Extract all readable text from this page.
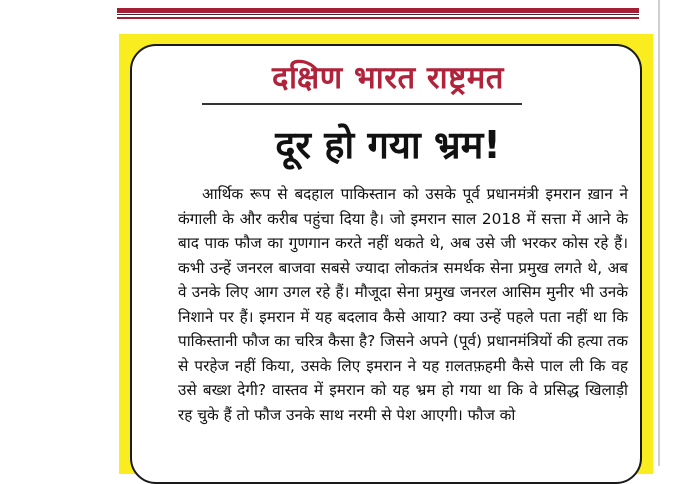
दक्षिण भारत राष्ट्रमत
दूर हो गया भ्रम!
आर्थिक रूप से बदहाल पाकिस्तान को उसके पूर्व प्रधानमंत्री इमरान ख़ान ने कंगाली के और करीब पहुंचा दिया है। जो इमरान साल 2018 में सत्ता में आने के बाद पाक फौज का गुणगान करते नहीं थकते थे, अब उसे जी भरकर कोस रहे हैं। कभी उन्हें जनरल बाजवा सबसे ज्यादा लोकतंत्र समर्थक सेना प्रमुख लगते थे, अब वे उनके लिए आग उगल रहे हैं। मौजूदा सेना प्रमुख जनरल आसिम मुनीर भी उनके निशाने पर हैं। इमरान में यह बदलाव कैसे आया? क्या उन्हें पहले पता नहीं था कि पाकिस्तानी फौज का चरित्र कैसा है? जिसने अपने (पूर्व) प्रधानमंत्रियों की हत्या तक से परहेज नहीं किया, उसके लिए इमरान ने यह ग़लतफ़हमी कैसे पाल ली कि वह उसे बख्श देगी? वास्तव में इमरान को यह भ्रम हो गया था कि वे प्रसिद्ध खिलाड़ी रह चुके हैं तो फौज उनके साथ नरमी से पेश आएगी। फौज को
